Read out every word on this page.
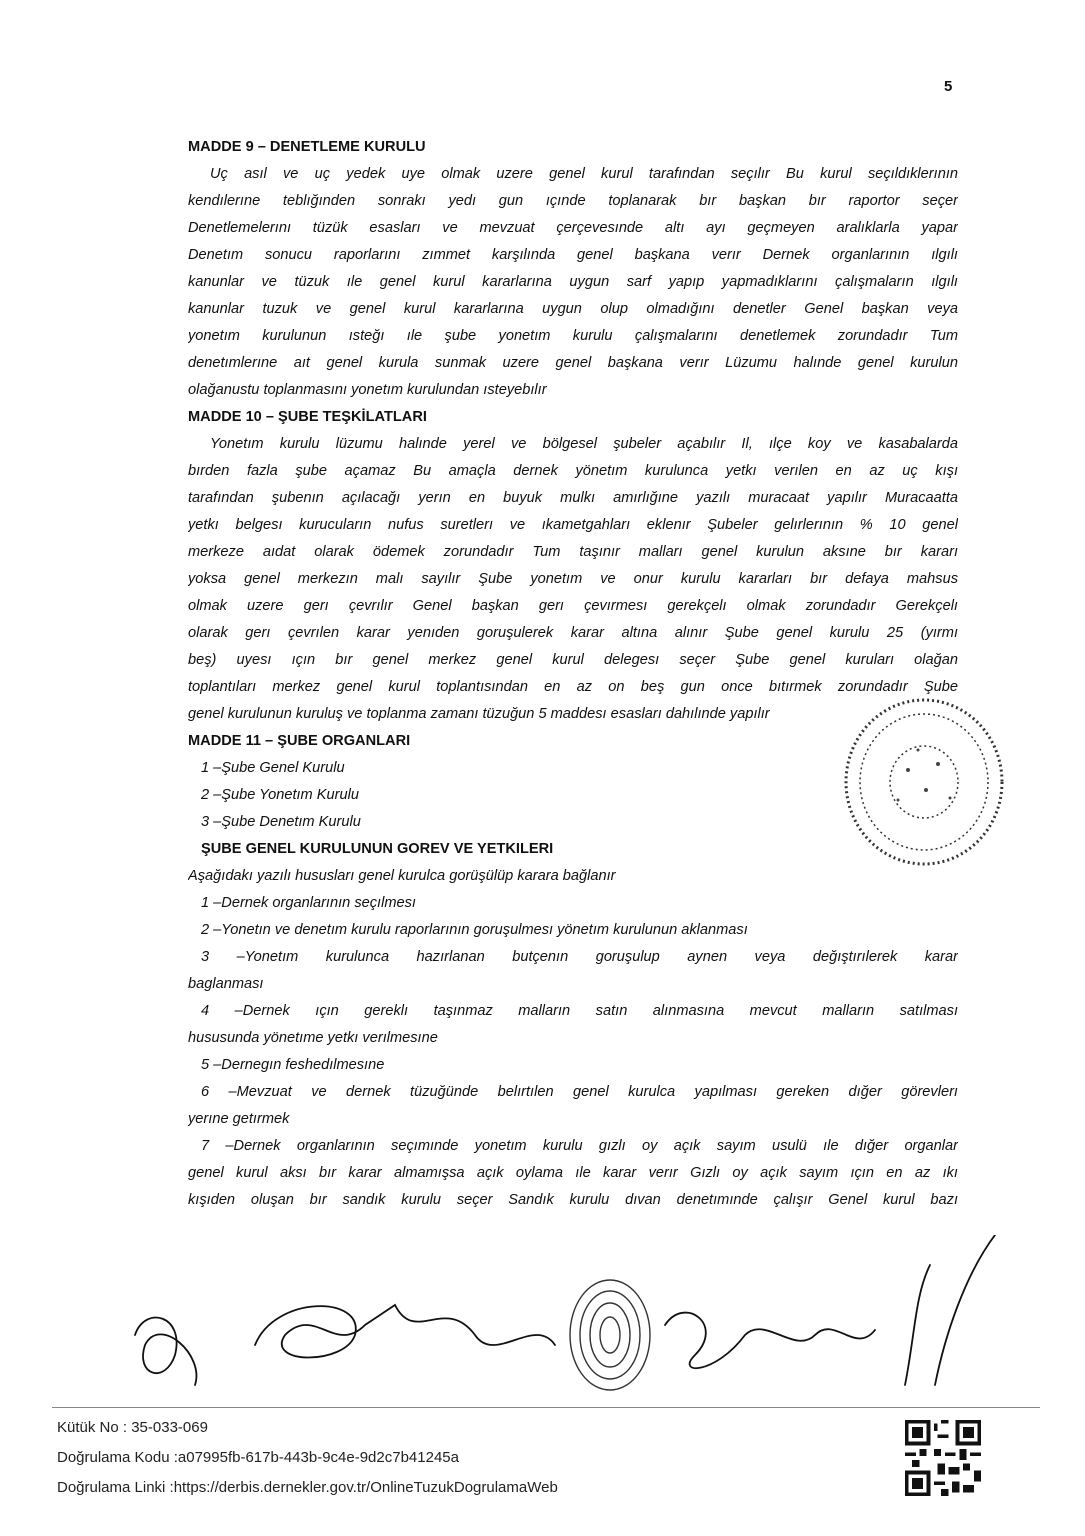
5
MADDE 9 – DENETLEME KURULU
Uç asıl ve uç yedek uye olmak uzere genel kurul tarafından seçılır Bu kurul seçıldıklerının
kendılerıne teblığınden sonrakı yedı gun ıçınde toplanarak bır başkan bır raportor seçer
Denetlemelerını tüzük esasları ve mevzuat çerçevesınde altı ayı geçmeyen aralıklarla yapar
Denetım sonucu raporlarını zımmet karşılında genel başkana verır Dernek organlarının ılgılı
kanunlar ve tüzuk ıle genel kurul kararlarına uygun sarf yapıp yapmadıklarını çalışmaların ılgılı
kanunlar tuzuk ve genel kurul kararlarına uygun olup olmadığını denetler Genel başkan veya
yonetım kurulunun ısteğı ıle şube yonetım kurulu çalışmalarını denetlemek zorundadır Tum
denetımlerıne aıt genel kurula sunmak uzere genel başkana verır Lüzumu halınde genel kurulun
olağanustu toplanmasını yonetım kurulundan ısteyebılır
MADDE 10 – ŞUBE TEŞKİLATLARI
Yonetım kurulu lüzumu halınde yerel ve bölgesel şubeler açabılır Il, ılçe koy ve kasabalarda
bırden fazla şube açamaz Bu amaçla dernek yönetım kurulunca yetkı verılen en az uç kışı
tarafından şubenın açılacağı yerın en buyuk mulkı amırlığıne yazılı muracaat yapılır Muracaatta
yetkı belgesı kurucuların nufus suretlerı ve ıkametgahları eklenır Şubeler gelırlerının % 10 genel
merkeze aıdat olarak ödemek zorundadır Tum taşınır malları genel kurulun aksıne bır kararı
yoksa genel merkezın malı sayılır Şube yonetım ve onur kurulu kararları bır defaya mahsus
olmak uzere gerı çevrılır Genel başkan gerı çevırmesı gerekçelı olmak zorundadır Gerekçelı
olarak gerı çevrılen karar yenıden goruşulerek karar altına alınır Şube genel kurulu 25 (yırmı
beş) uyesı ıçın bır genel merkez genel kurul delegesı seçer Şube genel kuruları olağan
toplantıları merkez genel kurul toplantısından en az on beş gun once bıtırmek zorundadır Şube
genel kurulunun kuruluş ve toplanma zamanı tüzuğun 5 maddesı esasları dahılınde yapılır
MADDE 11 – ŞUBE ORGANLARI
1 –Şube Genel Kurulu
2 –Şube Yonetım Kurulu
3 –Şube Denetım Kurulu
ŞUBE GENEL KURULUNUN GOREV VE YETKILERI
Aşağıdakı yazılı hususları genel kurulca gorüşülüp karara bağlanır
1 –Dernek organlarının seçılmesı
2 –Yonetın ve denetım kurulu raporlarının goruşulmesı yönetım kurulunun aklanması
3 –Yonetım kurulunca hazırlanan butçenın goruşulup aynen veya değıştırılerek karar
baglanması
4 –Dernek ıçın gereklı taşınmaz malların satın alınmasına mevcut malların satılması
hususunda yönetıme yetkı verılmesıne
5 –Dernegın feshedılmesıne
6 –Mevzuat ve dernek tüzuğünde belırtılen genel kurulca yapılması gereken dığer görevlerı
yerıne getırmek
7 –Dernek organlarının seçımınde yonetım kurulu gızlı oy açık sayım usulü ıle dığer organlar
genel kurul aksı bır karar almamışsa açık oylama ıle karar verır Gızlı oy açık sayım ıçın en az ıkı
kışıden oluşan bır sandık kurulu seçer Sandık kurulu dıvan denetımınde çalışır Genel kurul bazı
Kütük No : 35-033-069
Doğrulama Kodu :a07995fb-617b-443b-9c4e-9d2c7b41245a
Doğrulama Linki :https://derbis.dernekler.gov.tr/OnlineTuzukDogrulamaWeb
